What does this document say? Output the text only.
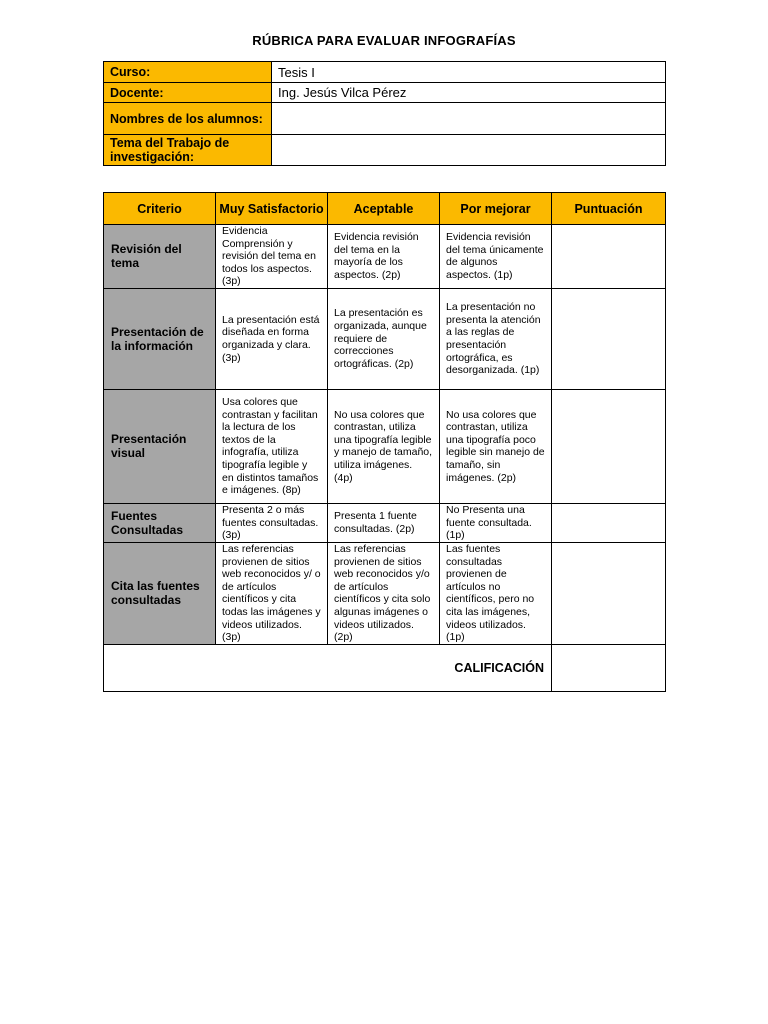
RÚBRICA PARA EVALUAR INFOGRAFÍAS
Curso:	Tesis I
Docente:	Ing. Jesús Vilca Pérez
Nombres de los alumnos:	
Tema del Trabajo de investigación:	
Criterio	Muy Satisfactorio	Aceptable	Por mejorar	Puntuación
Revisión del tema	Evidencia Comprensión y revisión del tema en todos los aspectos. (3p)	Evidencia revisión del tema en la mayoría de los aspectos. (2p)	Evidencia revisión del tema únicamente de algunos aspectos. (1p)	
Presentación de la información	La presentación está diseñada en forma organizada y clara. (3p)	La presentación es organizada, aunque requiere de correcciones ortográficas. (2p)	La presentación no presenta la atención a las reglas de presentación ortográfica, es desorganizada. (1p)	
Presentación visual	Usa colores que contrastan y facilitan la lectura de los textos de la infografía, utiliza tipografía legible y en distintos tamaños e imágenes. (8p)	No usa colores que contrastan, utiliza una tipografía legible y manejo de tamaño, utiliza imágenes. (4p)	No usa colores que contrastan, utiliza una tipografía poco legible sin manejo de tamaño, sin imágenes. (2p)	
Fuentes Consultadas	Presenta 2 o más fuentes consultadas. (3p)	Presenta 1 fuente consultadas. (2p)	No Presenta una fuente consultada. (1p)	
Cita las fuentes consultadas	Las referencias provienen de sitios web reconocidos y/ o de artículos científicos y cita todas las imágenes y videos utilizados. (3p)	Las referencias provienen de sitios web reconocidos y/o de artículos científicos y cita solo algunas imágenes o videos utilizados. (2p)	Las fuentes consultadas provienen de artículos no científicos, pero no cita las imágenes, videos utilizados. (1p)	
CALIFICACIÓN				
